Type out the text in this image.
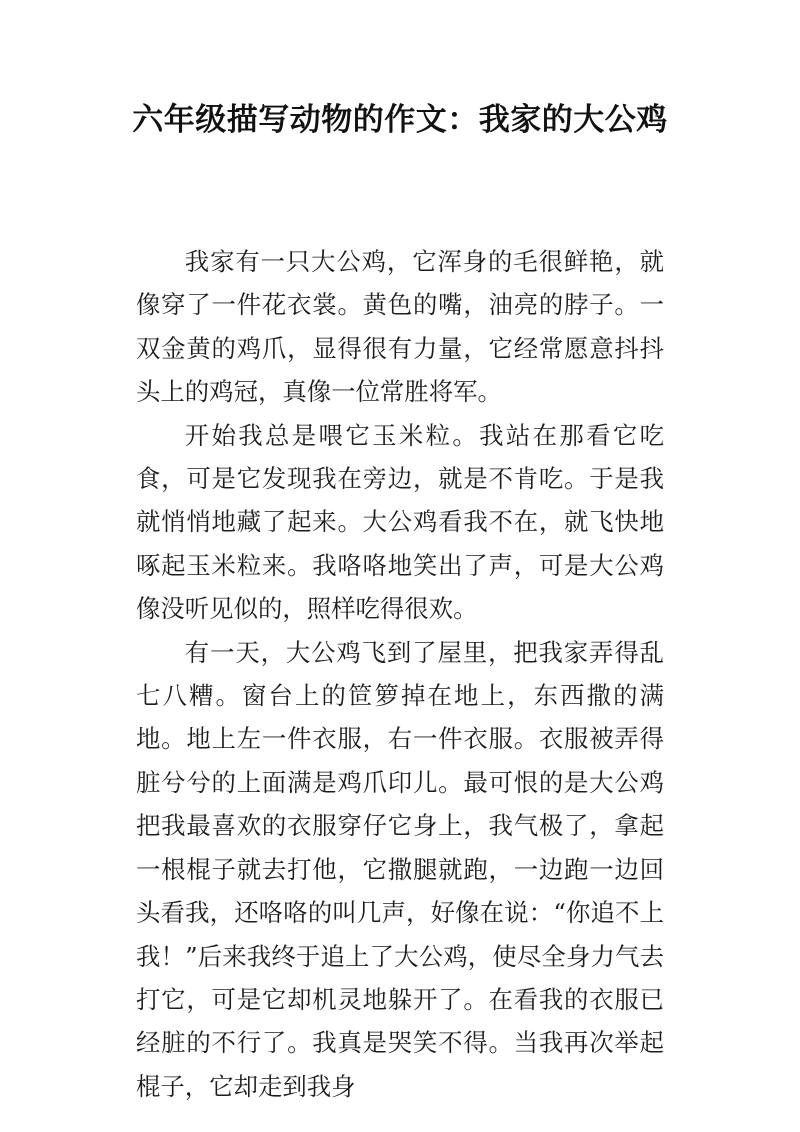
六年级描写动物的作文：我家的大公鸡

我家有一只大公鸡，它浑身的毛很鲜艳，就像穿了一件花衣裳。黄色的嘴，油亮的脖子。一双金黄的鸡爪，显得很有力量，它经常愿意抖抖头上的鸡冠，真像一位常胜将军。

开始我总是喂它玉米粒。我站在那看它吃食，可是它发现我在旁边，就是不肯吃。于是我就悄悄地藏了起来。大公鸡看我不在，就飞快地啄起玉米粒来。我咯咯地笑出了声，可是大公鸡像没听见似的，照样吃得很欢。

有一天，大公鸡飞到了屋里，把我家弄得乱七八糟。窗台上的笸箩掉在地上，东西撒的满地。地上左一件衣服，右一件衣服。衣服被弄得脏兮兮的上面满是鸡爪印儿。最可恨的是大公鸡把我最喜欢的衣服穿仔它身上，我气极了，拿起一根棍子就去打他，它撒腿就跑，一边跑一边回头看我，还咯咯的叫几声，好像在说：“你追不上我！”后来我终于追上了大公鸡，使尽全身力气去打它，可是它却机灵地躲开了。在看我的衣服已经脏的不行了。我真是哭笑不得。当我再次举起棍子，它却走到我身
